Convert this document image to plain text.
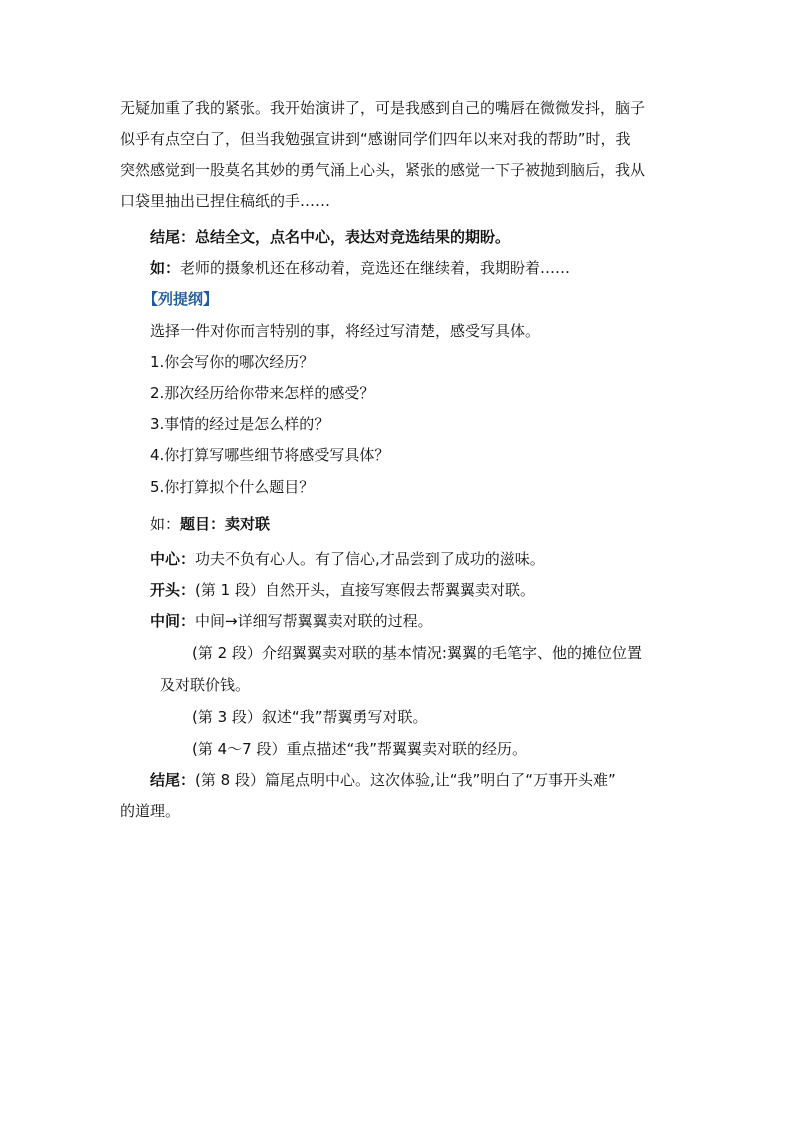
无疑加重了我的紧张。我开始演讲了，可是我感到自己的嘴唇在微微发抖，脑子
似乎有点空白了，但当我勉强宣讲到“感谢同学们四年以来对我的帮助”时，我
突然感觉到一股莫名其妙的勇气涌上心头，紧张的感觉一下子被抛到脑后，我从
口袋里抽出已捏住稿纸的手……
结尾：总结全文，点名中心，表达对竞选结果的期盼。
如：老师的摄象机还在移动着，竞选还在继续着，我期盼着……
【列提纲】
选择一件对你而言特别的事，将经过写清楚，感受写具体。
1.你会写你的哪次经历？
2.那次经历给你带来怎样的感受？
3.事情的经过是怎么样的？
4.你打算写哪些细节将感受写具体？
5.你打算拟个什么题目？
如：题目：卖对联
中心：功夫不负有心人。有了信心,才品尝到了成功的滋味。
开头：(第 1 段）自然开头，直接写寒假去帮翼翼卖对联。
中间：中间→详细写帮翼翼卖对联的过程。
(第 2 段）介绍翼翼卖对联的基本情况:翼翼的毛笔字、他的摊位位置
及对联价钱。
(第 3 段）叙述“我”帮翼勇写对联。
(第 4～7 段）重点描述“我”帮翼翼卖对联的经历。
结尾：(第 8 段）篇尾点明中心。这次体验,让“我”明白了“万事开头难”
的道理。
